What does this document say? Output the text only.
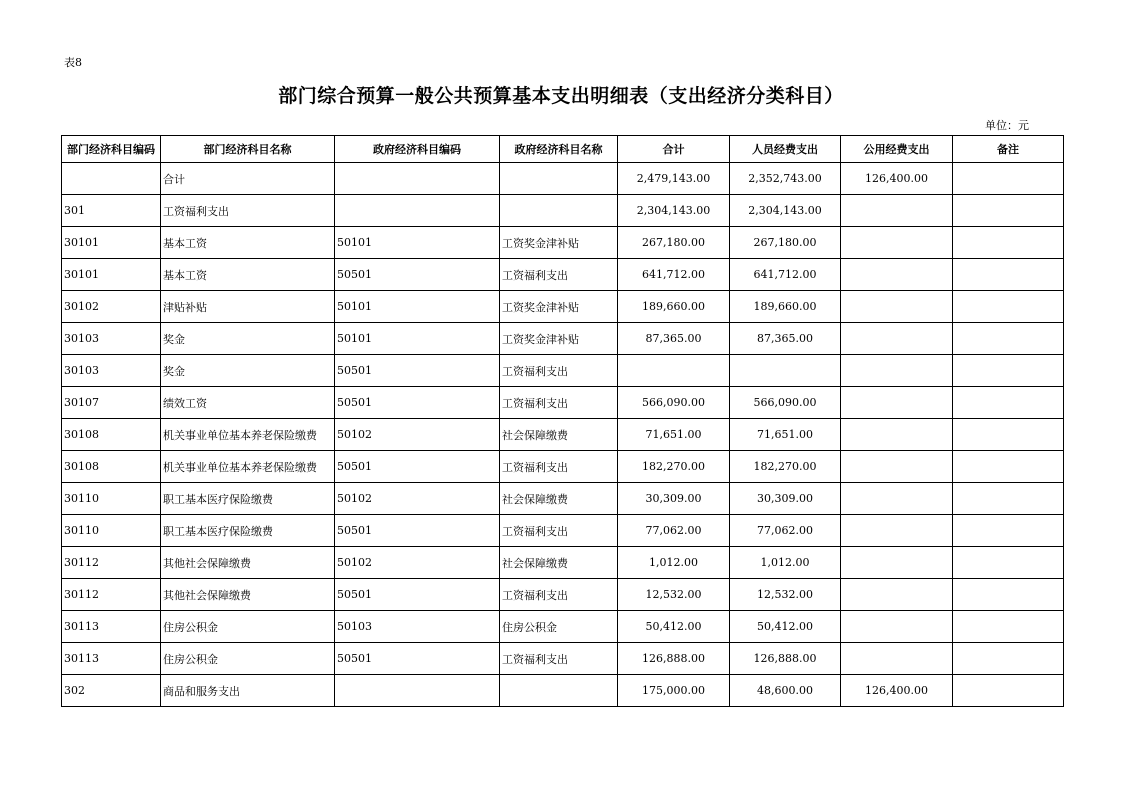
表8
部门综合预算一般公共预算基本支出明细表（支出经济分类科目）
单位：元
部门经济科目编码	部门经济科目名称	政府经济科目编码	政府经济科目名称	合计	人员经费支出	公用经费支出	备注
	合计			2,479,143.00	2,352,743.00	126,400.00	
301	工资福利支出			2,304,143.00	2,304,143.00		
30101	基本工资	50101	工资奖金津补贴	267,180.00	267,180.00		
30101	基本工资	50501	工资福利支出	641,712.00	641,712.00		
30102	津贴补贴	50101	工资奖金津补贴	189,660.00	189,660.00		
30103	奖金	50101	工资奖金津补贴	87,365.00	87,365.00		
30103	奖金	50501	工资福利支出				
30107	绩效工资	50501	工资福利支出	566,090.00	566,090.00		
30108	机关事业单位基本养老保险缴费	50102	社会保障缴费	71,651.00	71,651.00		
30108	机关事业单位基本养老保险缴费	50501	工资福利支出	182,270.00	182,270.00		
30110	职工基本医疗保险缴费	50102	社会保障缴费	30,309.00	30,309.00		
30110	职工基本医疗保险缴费	50501	工资福利支出	77,062.00	77,062.00		
30112	其他社会保障缴费	50102	社会保障缴费	1,012.00	1,012.00		
30112	其他社会保障缴费	50501	工资福利支出	12,532.00	12,532.00		
30113	住房公积金	50103	住房公积金	50,412.00	50,412.00		
30113	住房公积金	50501	工资福利支出	126,888.00	126,888.00		
302	商品和服务支出			175,000.00	48,600.00	126,400.00	
